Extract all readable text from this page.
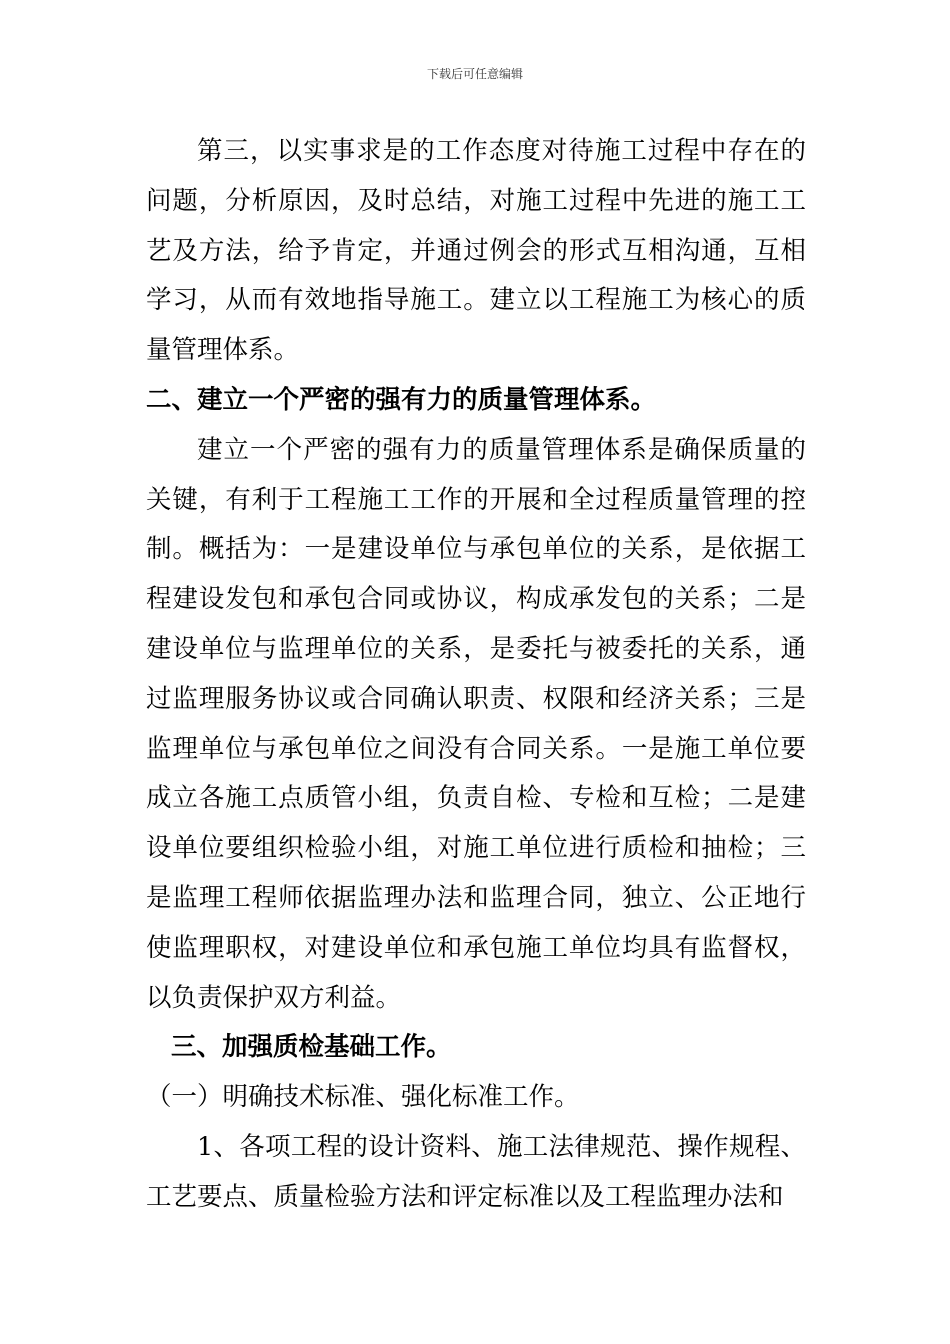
下载后可任意编辑

第三，以实事求是的工作态度对待施工过程中存在的问题，分析原因，及时总结，对施工过程中先进的施工工艺及方法，给予肯定，并通过例会的形式互相沟通，互相学习，从而有效地指导施工。建立以工程施工为核心的质量管理体系。

二、建立一个严密的强有力的质量管理体系。

建立一个严密的强有力的质量管理体系是确保质量的关键，有利于工程施工工作的开展和全过程质量管理的控制。概括为：一是建设单位与承包单位的关系，是依据工程建设发包和承包合同或协议，构成承发包的关系；二是建设单位与监理单位的关系，是委托与被委托的关系，通过监理服务协议或合同确认职责、权限和经济关系；三是监理单位与承包单位之间没有合同关系。一是施工单位要成立各施工点质管小组，负责自检、专检和互检；二是建设单位要组织检验小组，对施工单位进行质检和抽检；三是监理工程师依据监理办法和监理合同，独立、公正地行使监理职权，对建设单位和承包施工单位均具有监督权，以负责保护双方利益。

三、加强质检基础工作。

（一）明确技术标准、强化标准工作。

1、各项工程的设计资料、施工法律规范、操作规程、工艺要点、质量检验方法和评定标准以及工程监理办法和
